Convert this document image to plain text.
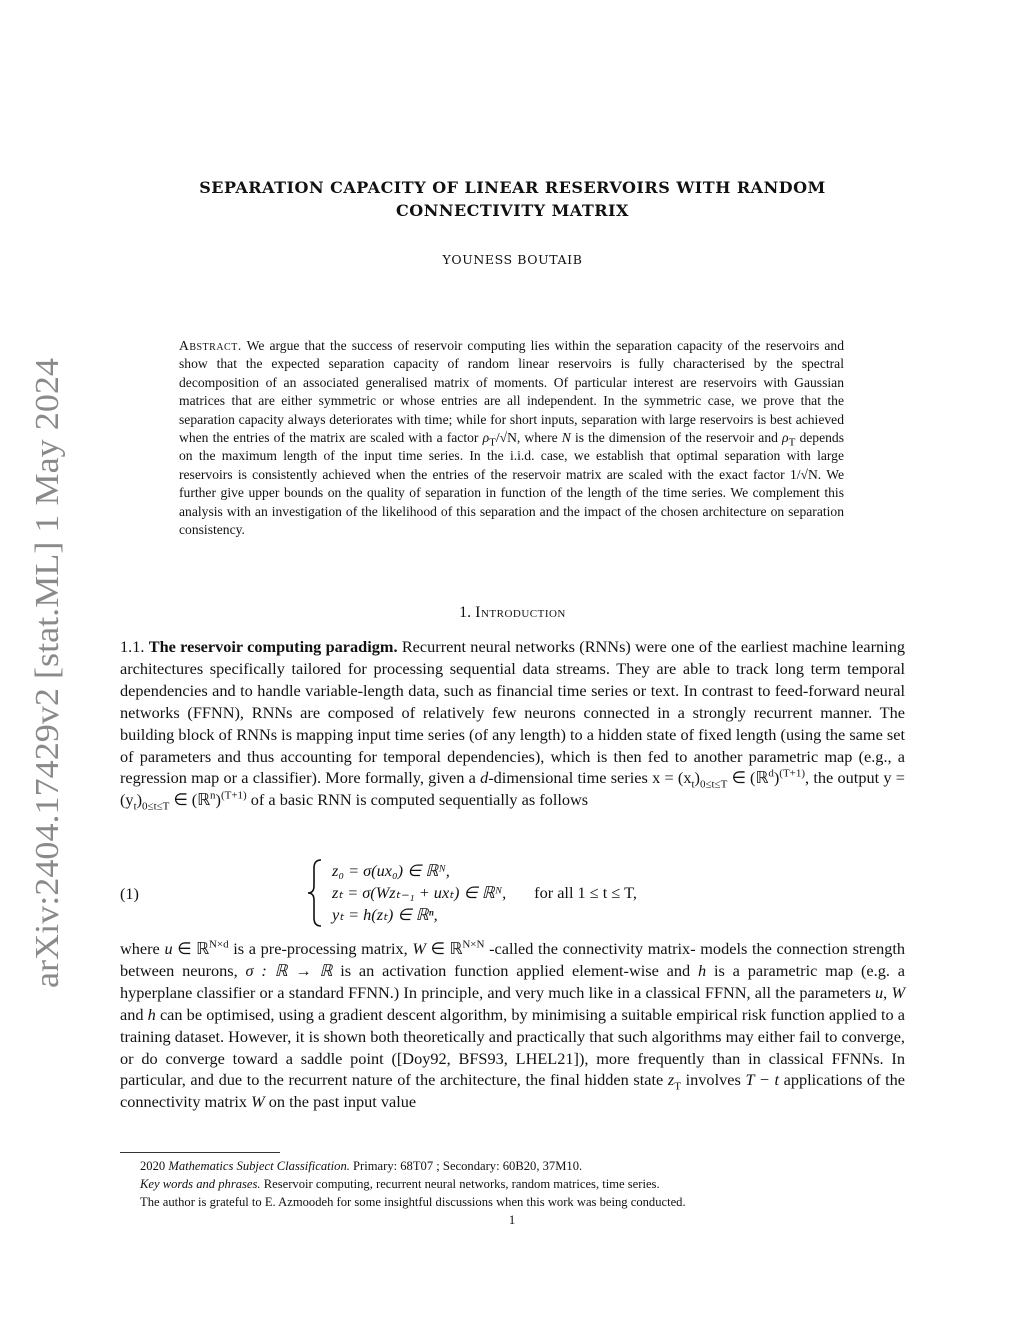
arXiv:2404.17429v2 [stat.ML] 1 May 2024
SEPARATION CAPACITY OF LINEAR RESERVOIRS WITH RANDOM
CONNECTIVITY MATRIX
YOUNESS BOUTAIB
Abstract. We argue that the success of reservoir computing lies within the separation capacity of the reservoirs and show that the expected separation capacity of random linear reservoirs is fully characterised by the spectral decomposition of an associated generalised matrix of moments. Of particular interest are reservoirs with Gaussian matrices that are either symmetric or whose entries are all independent. In the symmetric case, we prove that the separation capacity always deteriorates with time; while for short inputs, separation with large reservoirs is best achieved when the entries of the matrix are scaled with a factor $\rho_T/√N$, where N is the dimension of the reservoir and $\rho_T$ depends on the maximum length of the input time series. In the i.i.d. case, we establish that optimal separation with large reservoirs is consistently achieved when the entries of the reservoir matrix are scaled with the exact factor 1/√N. We further give upper bounds on the quality of separation in function of the length of the time series. We complement this analysis with an investigation of the likelihood of this separation and the impact of the chosen architecture on separation consistency.
1. Introduction
1.1. The reservoir computing paradigm. Recurrent neural networks (RNNs) were one of the earliest machine learning architectures specifically tailored for processing sequential data streams. They are able to track long term temporal dependencies and to handle variable-length data, such as financial time series or text. In contrast to feed-forward neural networks (FFNN), RNNs are composed of relatively few neurons connected in a strongly recurrent manner. The building block of RNNs is mapping input time series (of any length) to a hidden state of fixed length (using the same set of parameters and thus accounting for temporal dependencies), which is then fed to another parametric map (e.g., a regression map or a classifier). More formally, given a d-dimensional time series $x = (x_t)_{0\le t\le T}$ ∈ (ℝ$^d$)$^{(T+1)}$, the output $y = (y_t)_{0\le t\le T}$ ∈ (ℝ$^n$)$^{(T+1)}$ of a basic RNN is computed sequentially as follows
(1)
z₀ = σ(ux₀) ∈ ℝᴺ,
zₜ = σ(Wzₜ₋₁ + uxₜ) ∈ ℝᴺ, for all 1 ≤ t ≤ T,
yₜ = h(zₜ) ∈ ℝⁿ,
where u ∈ ℝ$^{N\times d}$ is a pre-processing matrix, W ∈ ℝ$^{N\times N}$ -called the connectivity matrix- models the connection strength between neurons, σ : ℝ → ℝ is an activation function applied element-wise and h is a parametric map (e.g. a hyperplane classifier or a standard FFNN.) In principle, and very much like in a classical FFNN, all the parameters u, W and h can be optimised, using a gradient descent algorithm, by minimising a suitable empirical risk function applied to a training dataset. However, it is shown both theoretically and practically that such algorithms may either fail to converge, or do converge toward a saddle point ([Doy92, BFS93, LHEL21]), more frequently than in classical FFNNs. In particular, and due to the recurrent nature of the architecture, the final hidden state $z_T$ involves T − t applications of the connectivity matrix W on the past input value
2020 Mathematics Subject Classification. Primary: 68T07 ; Secondary: 60B20, 37M10.
Key words and phrases. Reservoir computing, recurrent neural networks, random matrices, time series.
The author is grateful to E. Azmoodeh for some insightful discussions when this work was being conducted.
1
